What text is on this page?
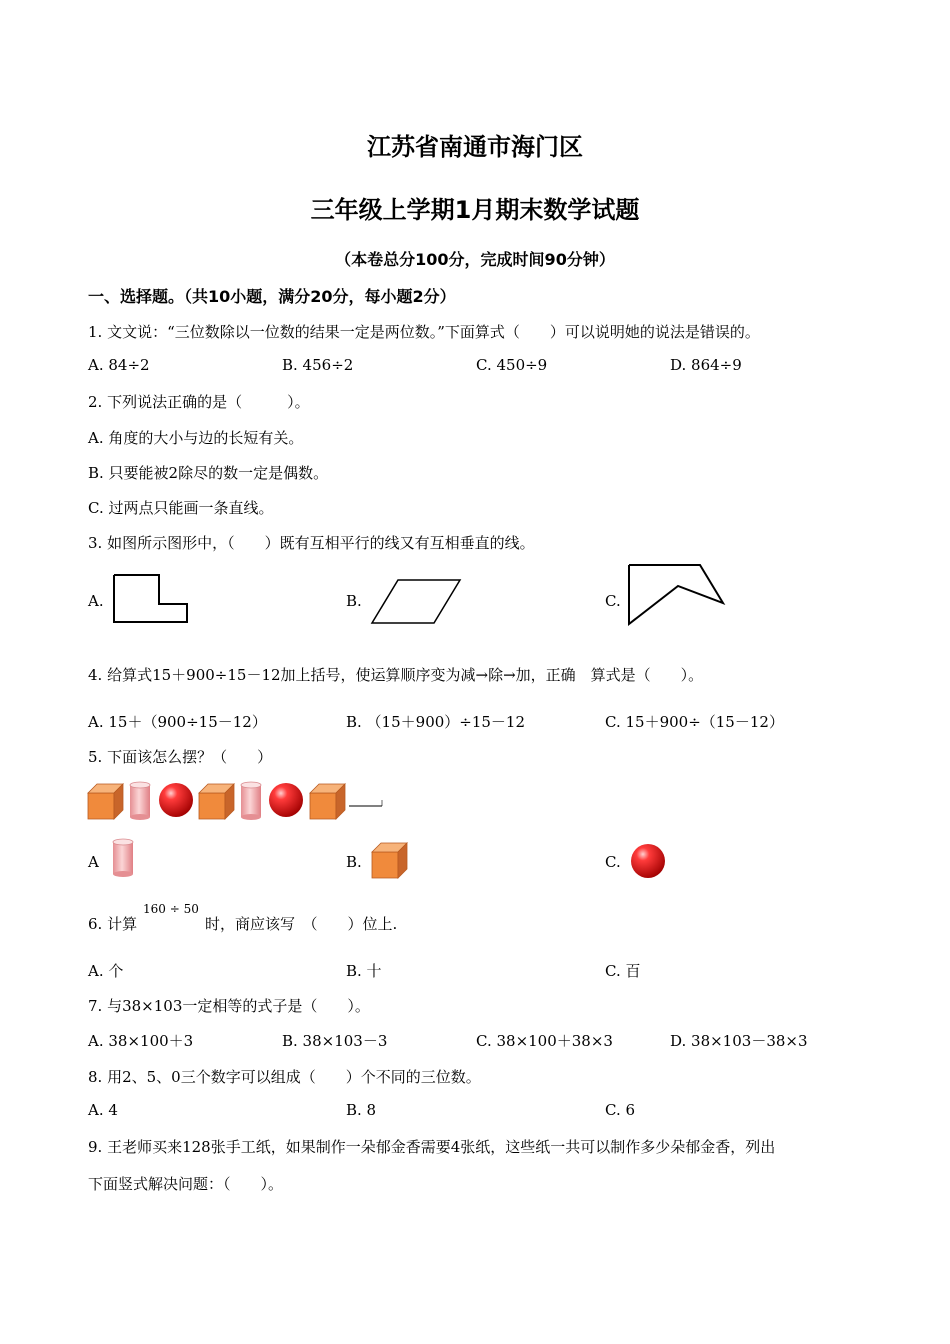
江苏省南通市海门区
三年级上学期1月期末数学试题
（本卷总分100分，完成时间90分钟）
一、选择题。（共10小题，满分20分，每小题2分）
1. 文文说：“三位数除以一位数的结果一定是两位数。”下面算式（　　）可以说明她的说法是错误的。
A. 84÷2	B. 456÷2	C. 450÷9	D. 864÷9
2. 下列说法正确的是（　　　）。
A. 角度的大小与边的长短有关。
B. 只要能被2除尽的数一定是偶数。
C. 过两点只能画一条直线。
3. 如图所示图形中，（　　）既有互相平行的线又有互相垂直的线。
A.	B.	C.
4. 给算式15＋900÷15－12加上括号，使运算顺序变为减→除→加，正确　算式是（　　）。
A. 15＋（900÷15－12）	B. （15＋900）÷15－12	C. 15＋900÷（15－12）
5. 下面该怎么摆？（　　）
A	B.	C.
6. 计算
160 ÷ 50
时，商应该写　（　　）位上.
A. 个	B. 十	C. 百
7. 与38×103一定相等的式子是（　　）。
A. 38×100＋3	B. 38×103－3	C. 38×100＋38×3	D. 38×103－38×3
8. 用2、5、0三个数字可以组成（　　）个不同的三位数。
A. 4	B. 8	C. 6
9. 王老师买来128张手工纸，如果制作一朵郁金香需要4张纸，这些纸一共可以制作多少朵郁金香，列出
下面竖式解决问题：（　　）。
